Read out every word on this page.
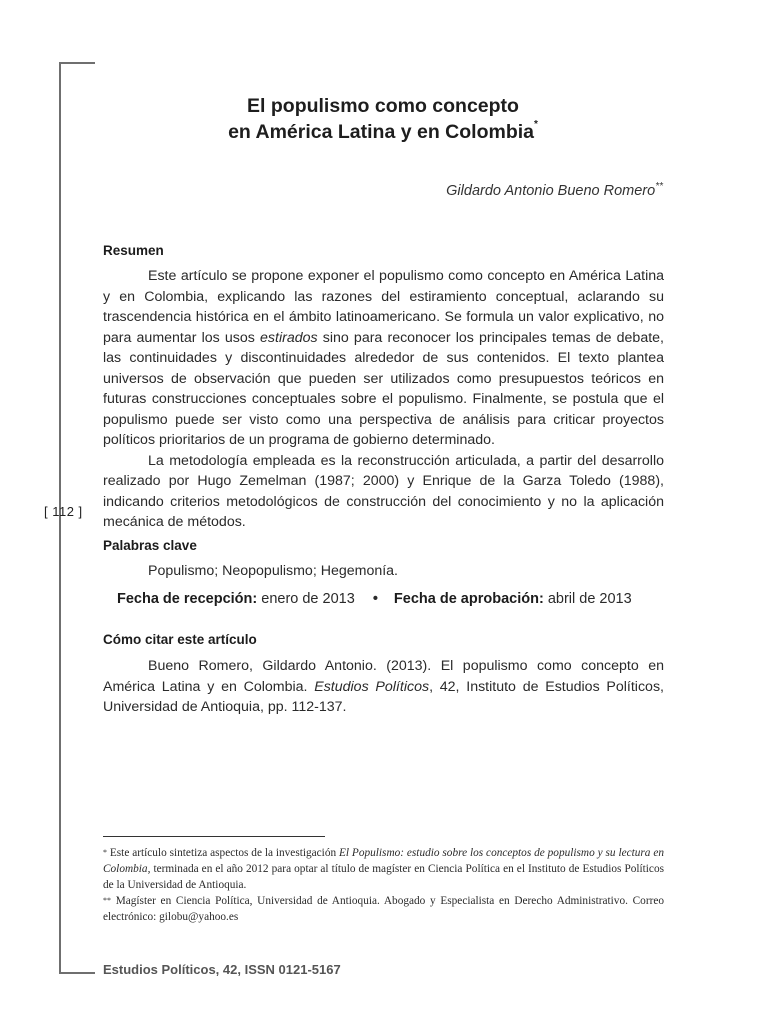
[ 112 ]
El populismo como concepto
en América Latina y en Colombia*
Gildardo Antonio Bueno Romero**
Resumen

Este artículo se propone exponer el populismo como concepto en América Latina y en Colombia, explicando las razones del estiramiento conceptual, aclarando su trascendencia histórica en el ámbito latinoamericano. Se formula un valor explicativo, no para aumentar los usos estirados sino para reconocer los principales temas de debate, las continuidades y discontinuidades alrededor de sus contenidos. El texto plantea universos de observación que pueden ser utilizados como presupuestos teóricos en futuras construcciones conceptuales sobre el populismo. Finalmente, se postula que el populismo puede ser visto como una perspectiva de análisis para criticar proyectos políticos prioritarios de un programa de gobierno determinado.

La metodología empleada es la reconstrucción articulada, a partir del desarrollo realizado por Hugo Zemelman (1987; 2000) y Enrique de la Garza Toledo (1988), indicando criterios metodológicos de construcción del conocimiento y no la aplicación mecánica de métodos.

Palabras clave
Populismo; Neopopulismo; Hegemonía.
Fecha de recepción: enero de 2013 • Fecha de aprobación: abril de 2013
Cómo citar este artículo

Bueno Romero, Gildardo Antonio. (2013). El populismo como concepto en América Latina y en Colombia. Estudios Políticos, 42, Instituto de Estudios Políticos, Universidad de Antioquia, pp. 112-137.

* Este artículo sintetiza aspectos de la investigación El Populismo: estudio sobre los conceptos de populismo y su lectura en Colombia, terminada en el año 2012 para optar al título de magíster en Ciencia Política en el Instituto de Estudios Políticos de la Universidad de Antioquia.

** Magíster en Ciencia Política, Universidad de Antioquia. Abogado y Especialista en Derecho Administrativo. Correo electrónico: gilobu@yahoo.es

Estudios Políticos, 42, ISSN 0121-5167
